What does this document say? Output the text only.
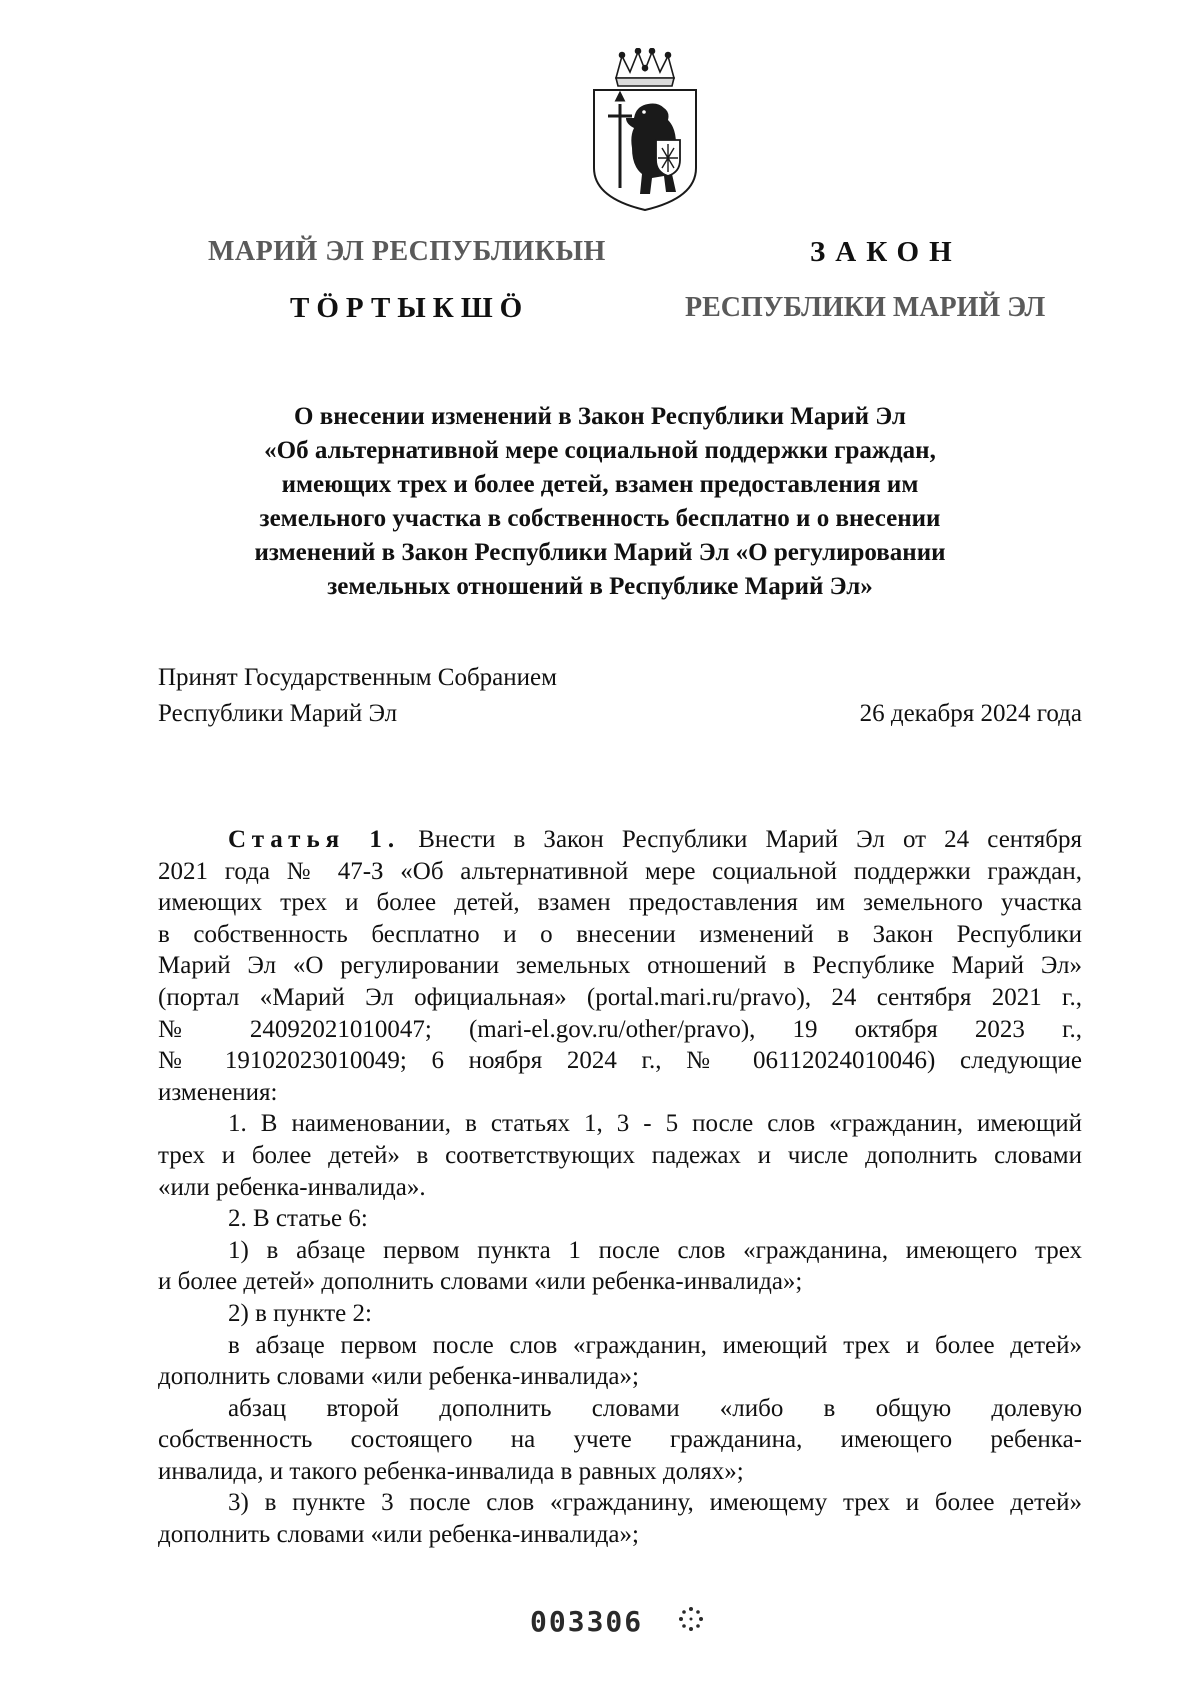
МАРИЙ ЭЛ РЕСПУБЛИКЫН
ТӦРТЫКШӦ
ЗАКОН
РЕСПУБЛИКИ МАРИЙ ЭЛ
О внесении изменений в Закон Республики Марий Эл
«Об альтернативной мере социальной поддержки граждан,
имеющих трех и более детей, взамен предоставления им
земельного участка в собственность бесплатно и о внесении
изменений в Закон Республики Марий Эл «О регулировании
земельных отношений в Республике Марий Эл»
Принят Государственным Собранием
Республики Марий Эл	26 декабря 2024 года
Статья 1. Внести в Закон Республики Марий Эл от 24 сентября
2021 года № 47-З «Об альтернативной мере социальной поддержки граждан,
имеющих трех и более детей, взамен предоставления им земельного участка
в собственность бесплатно и о внесении изменений в Закон Республики
Марий Эл «О регулировании земельных отношений в Республике Марий Эл»
(портал «Марий Эл официальная» (portal.mari.ru/pravo), 24 сентября 2021 г.,
№ 24092021010047; (mari-el.gov.ru/other/pravo), 19 октября 2023 г.,
№ 19102023010049; 6 ноября 2024 г., № 06112024010046) следующие
изменения:
1. В наименовании, в статьях 1, 3 - 5 после слов «гражданин, имеющий
трех и более детей» в соответствующих падежах и числе дополнить словами
«или ребенка-инвалида».
2. В статье 6:
1) в абзаце первом пункта 1 после слов «гражданина, имеющего трех
и более детей» дополнить словами «или ребенка-инвалида»;
2) в пункте 2:
в абзаце первом после слов «гражданин, имеющий трех и более детей»
дополнить словами «или ребенка-инвалида»;
абзац второй дополнить словами «либо в общую долевую
собственность состоящего на учете гражданина, имеющего ребенка-
инвалида, и такого ребенка-инвалида в равных долях»;
3) в пункте 3 после слов «гражданину, имеющему трех и более детей»
дополнить словами «или ребенка-инвалида»;
003306
